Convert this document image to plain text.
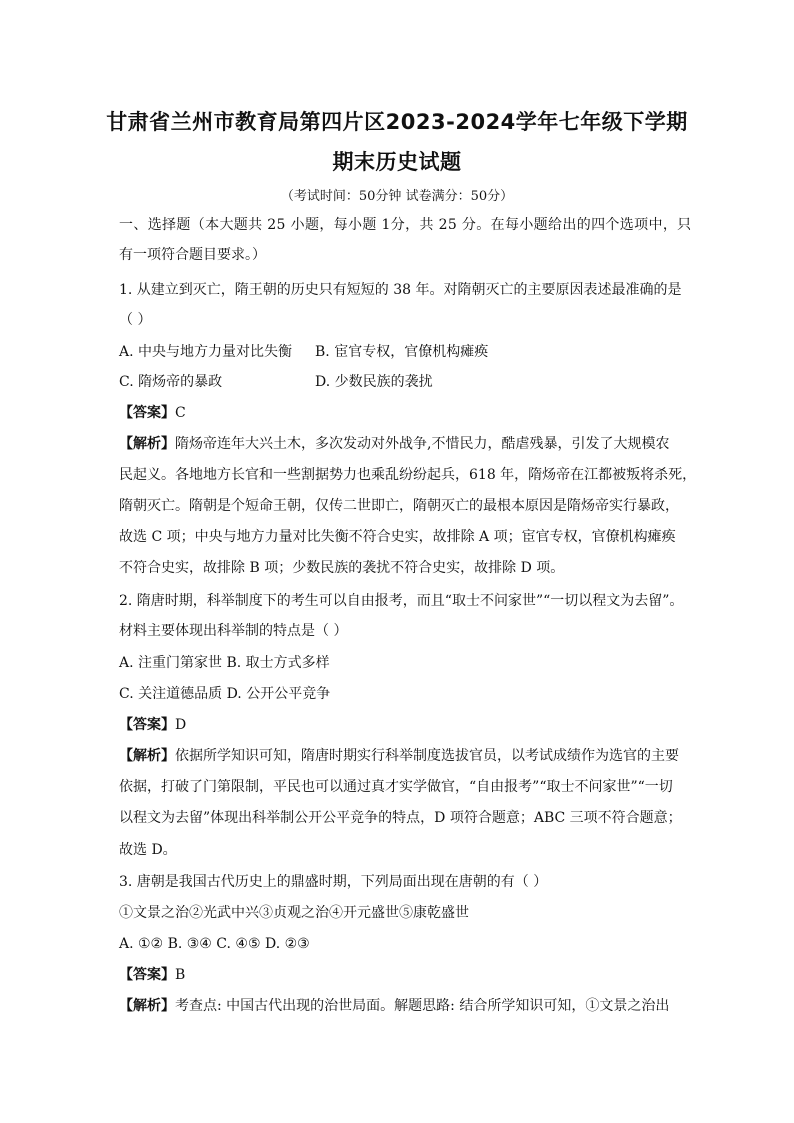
甘肃省兰州市教育局第四片区2023-2024学年七年级下学期
期末历史试题
（考试时间：50分钟 试卷满分：50分）
一、选择题（本大题共 25 小题，每小题 1分，共 25 分。在每小题给出的四个选项中，只
有一项符合题目要求。）
1. 从建立到灭亡，隋王朝的历史只有短短的 38 年。对隋朝灭亡的主要原因表述最准确的是
（ ）
A. 中央与地方力量对比失衡 B. 宦官专权，官僚机构瘫痪
C. 隋炀帝的暴政	D. 少数民族的袭扰
【答案】C
【解析】隋炀帝连年大兴土木，多次发动对外战争,不惜民力，酷虐残暴，引发了大规模农
民起义。各地地方长官和一些割据势力也乘乱纷纷起兵，618 年，隋炀帝在江都被叛将杀死，
隋朝灭亡。隋朝是个短命王朝，仅传二世即亡，隋朝灭亡的最根本原因是隋炀帝实行暴政，
故选 C 项；中央与地方力量对比失衡不符合史实，故排除 A 项；宦官专权，官僚机构瘫痪
不符合史实，故排除 B 项；少数民族的袭扰不符合史实，故排除 D 项。
2. 隋唐时期，科举制度下的考生可以自由报考，而且“取士不问家世”“一切以程文为去留”。
材料主要体现出科举制的特点是（ ）
A. 注重门第家世 B. 取士方式多样
C. 关注道德品质 D. 公开公平竞争
【答案】D
【解析】依据所学知识可知，隋唐时期实行科举制度选拔官员，以考试成绩作为选官的主要
依据，打破了门第限制，平民也可以通过真才实学做官，“自由报考”“取士不问家世”“一切
以程文为去留”体现出科举制公开公平竞争的特点，D 项符合题意；ABC 三项不符合题意；
故选 D。
3. 唐朝是我国古代历史上的鼎盛时期，下列局面出现在唐朝的有（ ）
①文景之治②光武中兴③贞观之治④开元盛世⑤康乾盛世
A. ①② B. ③④ C. ④⑤ D. ②③
【答案】B
【解析】考查点: 中国古代出现的治世局面。解题思路: 结合所学知识可知，①文景之治出
